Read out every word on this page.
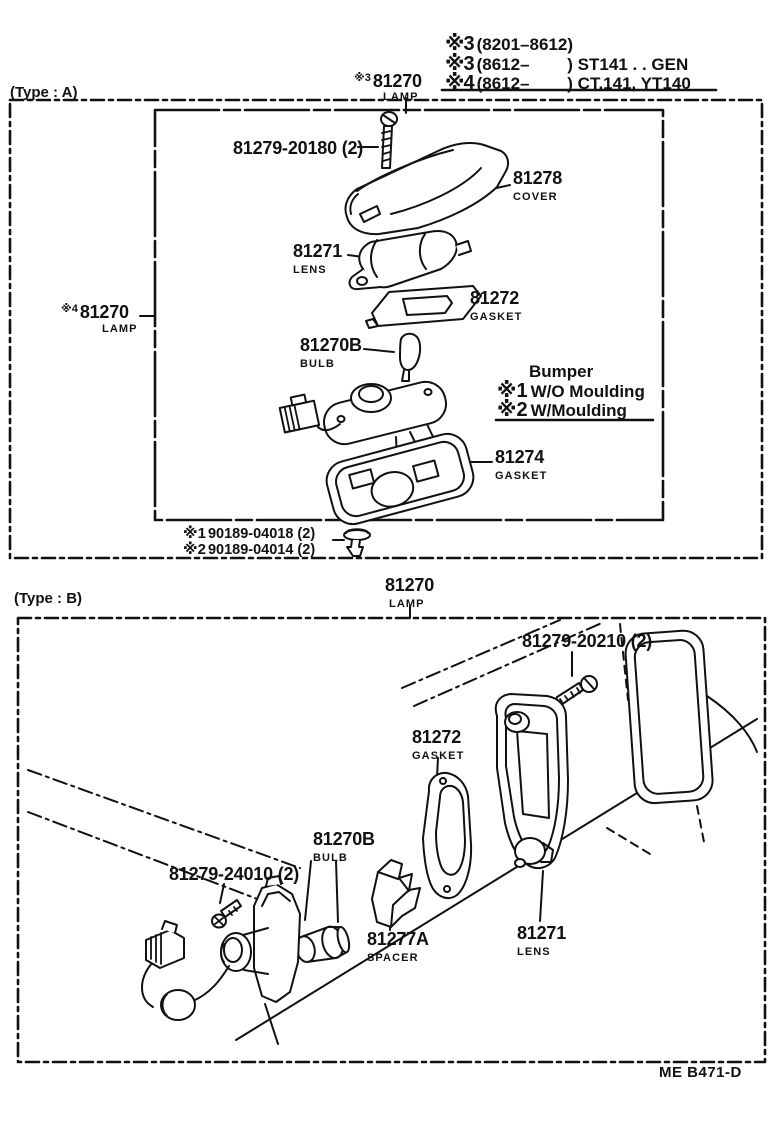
※3 (8201–8612)
※3 (8612–        ) ST141 . . GEN
※4 (8612–        ) CT.141, YT140
(Type : A)
$^{※3}$ 81270
LAMP
$^{※4}$ 81270
LAMP
81279-20180 (2)
81278
COVER
81271
LENS
81272
GASKET
81270B
BULB	Bumper
※1 W/O Moulding
※2 W/Moulding
81274
GASKET
※1 90189-04018 (2)
※2 90189-04014 (2)
81270
LAMP
(Type : B)
81279-20210 (2)
81272
GASKET
81270B
BULB
81279-24010 (2)
81277A
SPACER
81271
LENS
ME B471-D
